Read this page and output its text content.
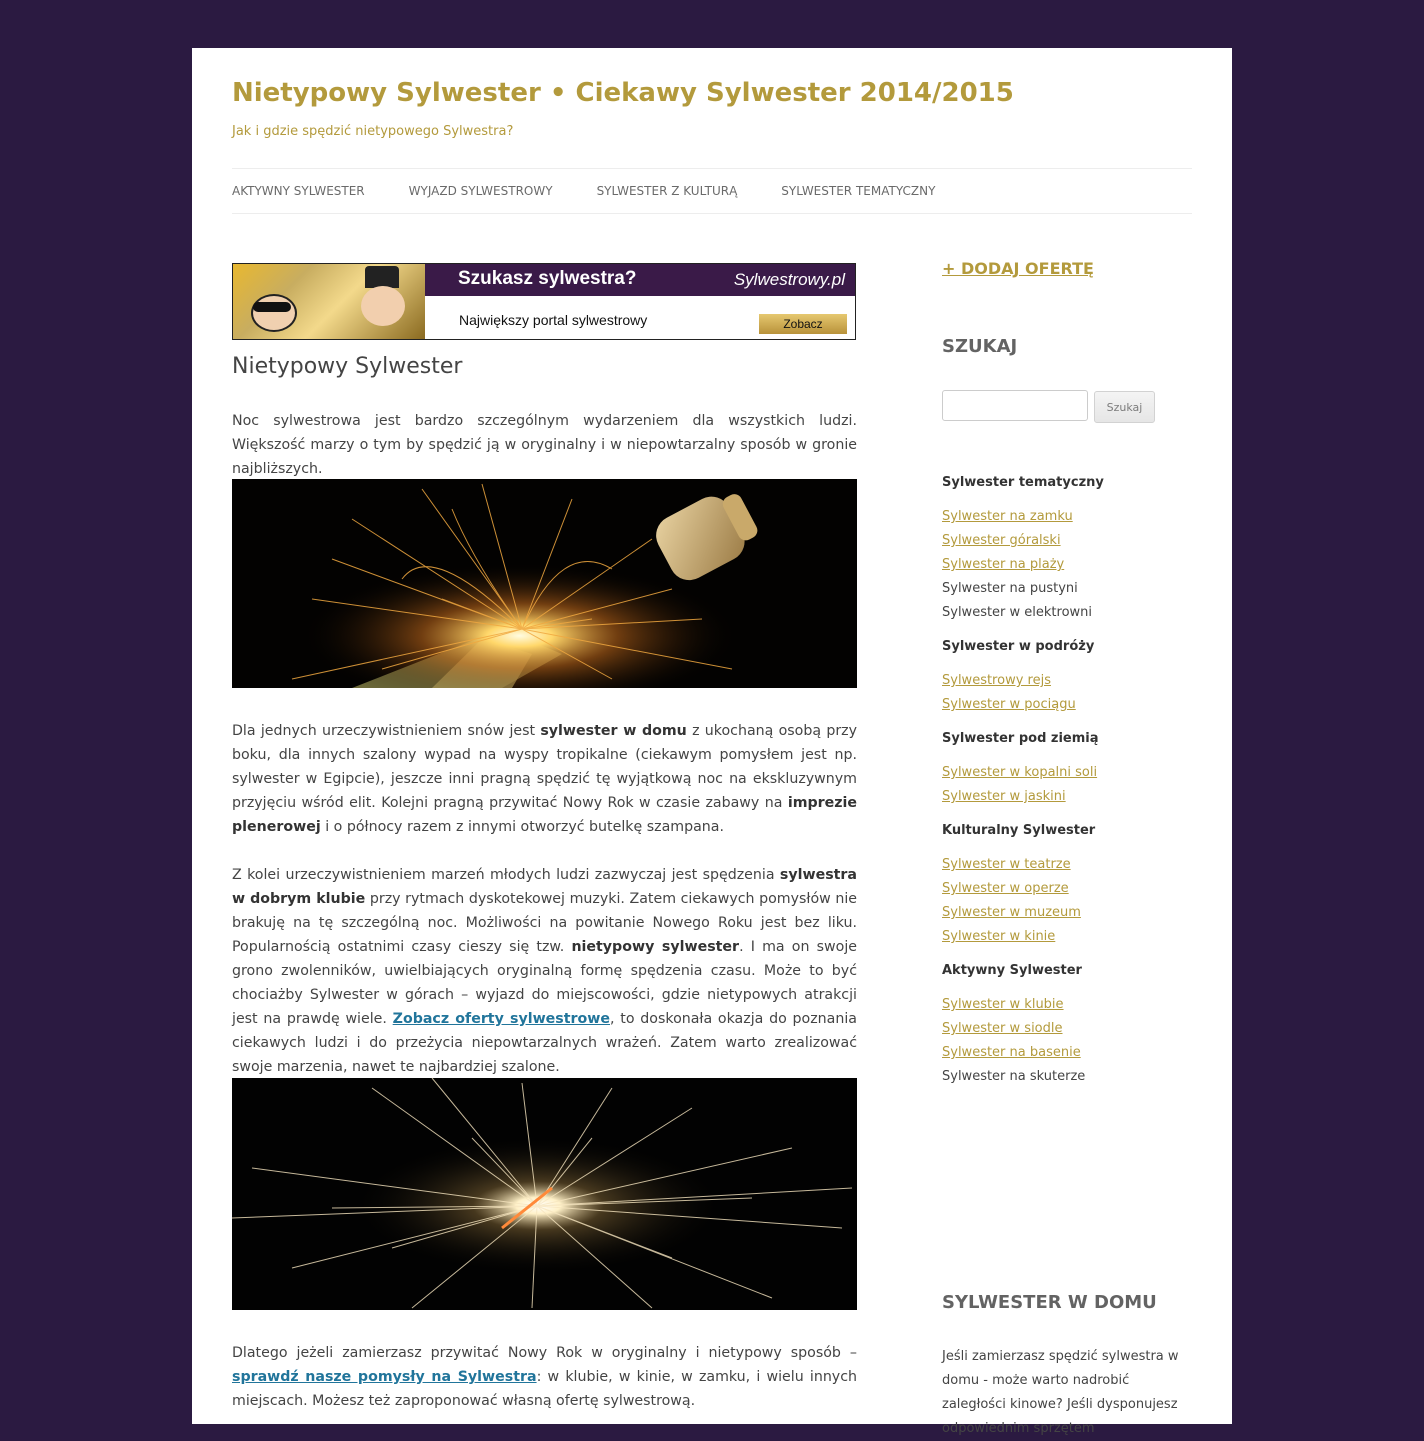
Nietypowy Sylwester • Ciekawy Sylwester 2014/2015

Jak i gdzie spędzić nietypowego Sylwestra?

AKTYWNY SYLWESTER	WYJAZD SYLWESTROWY	SYLWESTER Z KULTURĄ	SYLWESTER TEMATYCZNY
Szukasz sylwestra?	Sylwestrowy.pl
Największy portal sylwestrowy	Zobacz
Nietypowy Sylwester

Noc sylwestrowa jest bardzo szczególnym wydarzeniem dla wszystkich ludzi. Większość marzy o tym by spędzić ją w oryginalny i w niepowtarzalny sposób w gronie najbliższych.

Dla jednych urzeczywistnieniem snów jest sylwester w domu z ukochaną osobą przy boku, dla innych szalony wypad na wyspy tropikalne (ciekawym pomysłem jest np. sylwester w Egipcie), jeszcze inni pragną spędzić tę wyjątkową noc na ekskluzywnym przyjęciu wśród elit. Kolejni pragną przywitać Nowy Rok w czasie zabawy na imprezie plenerowej i o północy razem z innymi otworzyć butelkę szampana.

Z kolei urzeczywistnieniem marzeń młodych ludzi zazwyczaj jest spędzenia sylwestra w dobrym klubie przy rytmach dyskotekowej muzyki. Zatem ciekawych pomysłów nie brakuję na tę szczególną noc. Możliwości na powitanie Nowego Roku jest bez liku. Popularnością ostatnimi czasy cieszy się tzw. nietypowy sylwester. I ma on swoje grono zwolenników, uwielbiających oryginalną formę spędzenia czasu. Może to być chociażby Sylwester w górach – wyjazd do miejscowości, gdzie nietypowych atrakcji jest na prawdę wiele. Zobacz oferty sylwestrowe, to doskonała okazja do poznania ciekawych ludzi i do przeżycia niepowtarzalnych wrażeń. Zatem warto zrealizować swoje marzenia, nawet te najbardziej szalone.

Dlatego jeżeli zamierzasz przywitać Nowy Rok w oryginalny i nietypowy sposób – sprawdź nasze pomysły na Sylwestra: w klubie, w kinie, w zamku, i wielu innych miejscach. Możesz też zaproponować własną ofertę sylwestrową.

+ DODAJ OFERTĘ
SZUKAJ
Szukaj
Sylwester tematyczny
Sylwester na zamku
Sylwester góralski
Sylwester na plaży
Sylwester na pustyni
Sylwester w elektrowni
Sylwester w podróży
Sylwestrowy rejs
Sylwester w pociągu
Sylwester pod ziemią
Sylwester w kopalni soli
Sylwester w jaskini
Kulturalny Sylwester
Sylwester w teatrze
Sylwester w operze
Sylwester w muzeum
Sylwester w kinie
Aktywny Sylwester
Sylwester w klubie
Sylwester w siodle
Sylwester na basenie
Sylwester na skuterze
SYLWESTER W DOMU

Jeśli zamierzasz spędzić sylwestra w domu - może warto nadrobić zaległości kinowe? Jeśli dysponujesz odpowiednim sprzętem
